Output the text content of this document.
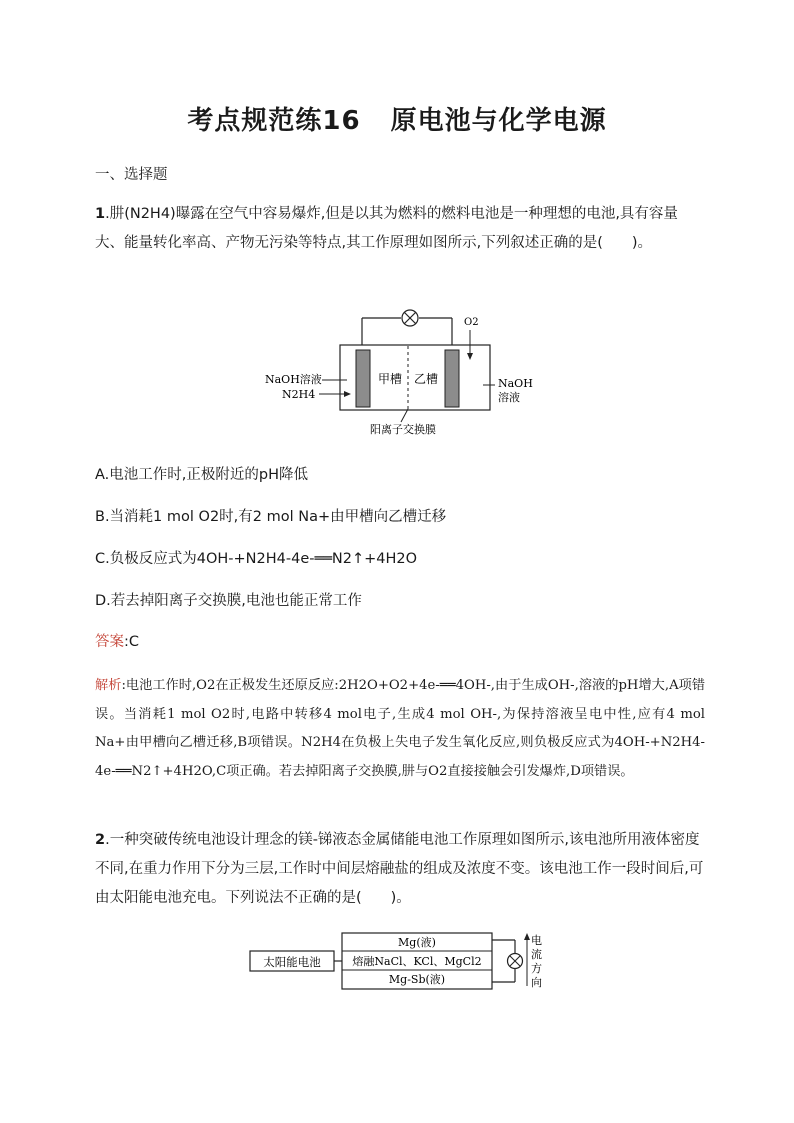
考点规范练16 原电池与化学电源
一、选择题
1.肼(N2H4)曝露在空气中容易爆炸,但是以其为燃料的燃料电池是一种理想的电池,具有容量大、能量转化率高、产物无污染等特点,其工作原理如图所示,下列叙述正确的是(　　)。
O2
NaOH溶液
N2H4
甲槽 乙槽	NaOH
溶液
阳离子交换膜
A.电池工作时,正极附近的pH降低
B.当消耗1 mol O2时,有2 mol Na+由甲槽向乙槽迁移
C.负极反应式为4OH-+N2H4-4e-══N2↑+4H2O
D.若去掉阳离子交换膜,电池也能正常工作
答案:C
解析:电池工作时,O2在正极发生还原反应:2H2O+O2+4e-══4OH-,由于生成OH-,溶液的pH增大,A项错误。当消耗1 mol O2时,电路中转移4 mol电子,生成4 mol OH-,为保持溶液呈电中性,应有4 mol Na+由甲槽向乙槽迁移,B项错误。N2H4在负极上失电子发生氧化反应,则负极反应式为4OH-+N2H4-4e-══N2↑+4H2O,C项正确。若去掉阳离子交换膜,肼与O2直接接触会引发爆炸,D项错误。
2.一种突破传统电池设计理念的镁-锑液态金属储能电池工作原理如图所示,该电池所用液体密度不同,在重力作用下分为三层,工作时中间层熔融盐的组成及浓度不变。该电池工作一段时间后,可由太阳能电池充电。下列说法不正确的是(　　)。
太阳能电池
Mg(液)
熔融NaCl、KCl、MgCl2
Mg-Sb(液)
电 流 方 向
